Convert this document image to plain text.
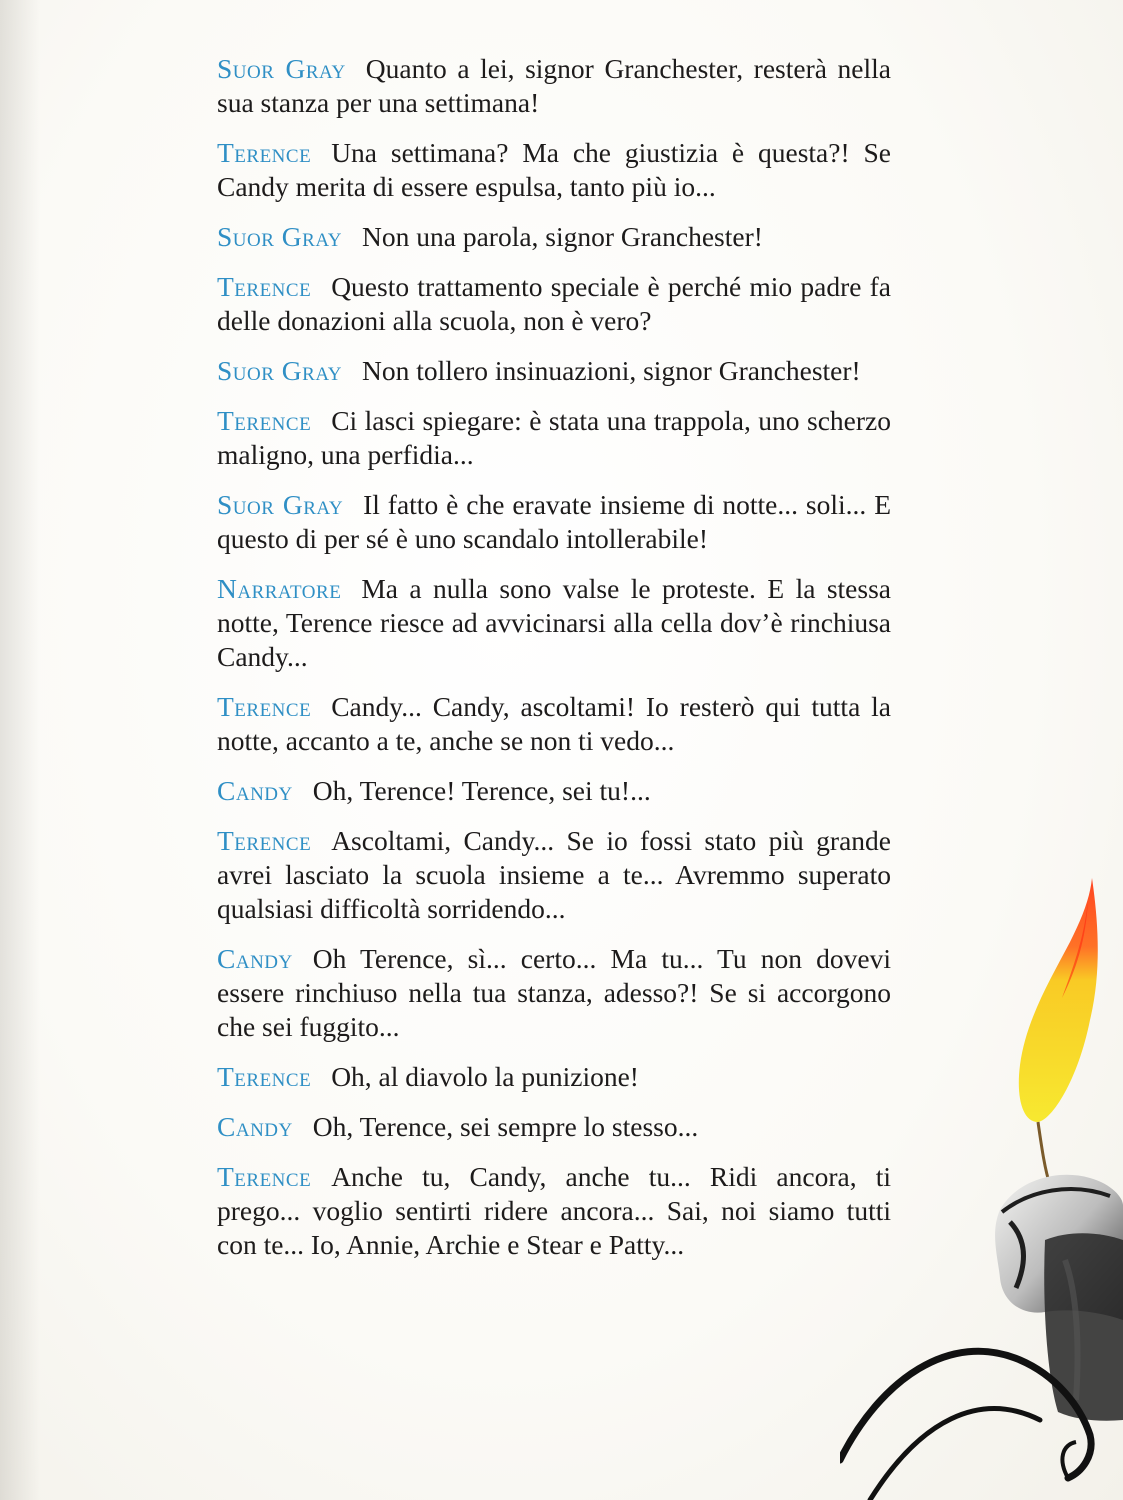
Suor Gray Quanto a lei, signor Granchester, resterà nella sua stanza per una settimana!

Terence Una settimana? Ma che giustizia è questa?! Se Candy merita di essere espulsa, tanto più io...

Suor Gray Non una parola, signor Granchester!

Terence Questo trattamento speciale è perché mio padre fa delle donazioni alla scuola, non è vero?

Suor Gray Non tollero insinuazioni, signor Granchester!

Terence Ci lasci spiegare: è stata una trappola, uno scherzo maligno, una perfidia...

Suor Gray Il fatto è che eravate insieme di notte... soli... E questo di per sé è uno scandalo intollerabile!

Narratore Ma a nulla sono valse le proteste. E la stessa notte, Terence riesce ad avvicinarsi alla cella dov’è rinchiusa Candy...

Terence Candy... Candy, ascoltami! Io resterò qui tutta la notte, accanto a te, anche se non ti vedo...

Candy Oh, Terence! Terence, sei tu!...

Terence Ascoltami, Candy... Se io fossi stato più grande avrei lasciato la scuola insieme a te... Avremmo superato qualsiasi difficoltà sorridendo...

Candy Oh Terence, sì... certo... Ma tu... Tu non dovevi essere rinchiuso nella tua stanza, adesso?! Se si accorgono che sei fuggito...

Terence Oh, al diavolo la punizione!

Candy Oh, Terence, sei sempre lo stesso...

Terence Anche tu, Candy, anche tu... Ridi ancora, ti prego... voglio sentirti ridere ancora... Sai, noi siamo tutti con te... Io, Annie, Archie e Stear e Patty...
